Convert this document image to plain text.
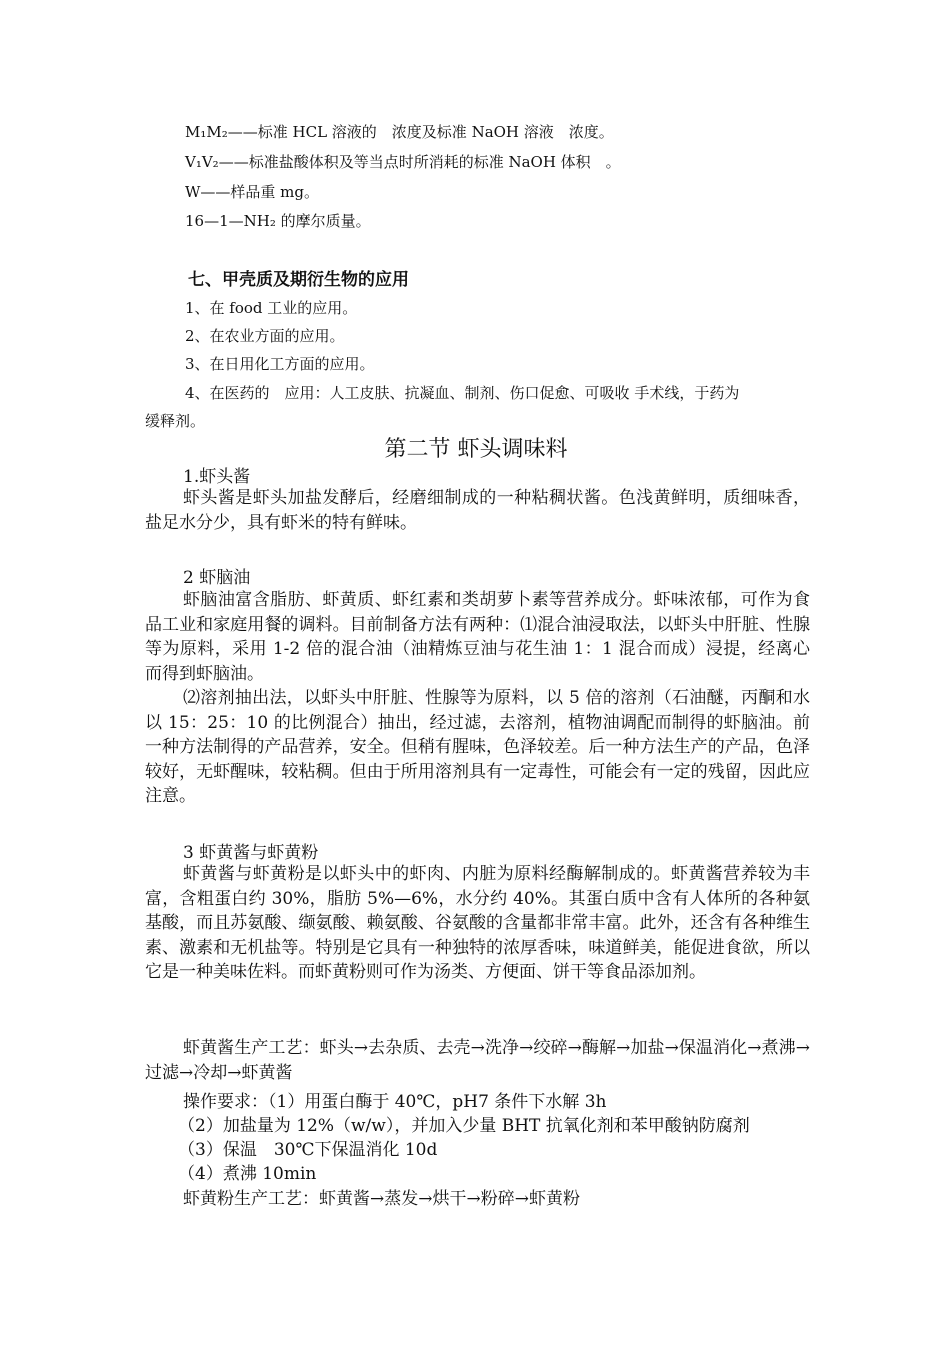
M₁M₂——标准 HCL 溶液的　浓度及标准 NaOH 溶液　浓度。
V₁V₂——标准盐酸体积及等当点时所消耗的标准 NaOH 体积　。
W——样品重 mg。
16—1—NH₂ 的摩尔质量。
七、甲壳质及期衍生物的应用
1、在 food 工业的应用。
2、在农业方面的应用。
3、在日用化工方面的应用。
4、在医药的　应用：人工皮肤、抗凝血、制剂、伤口促愈、可吸收 手术线，于药为
缓释剂。
第二节 虾头调味料
1.虾头酱
虾头酱是虾头加盐发酵后，经磨细制成的一种粘稠状酱。色浅黄鲜明，质细味香，盐足水分少，具有虾米的特有鲜味。
2 虾脑油
虾脑油富含脂肪、虾黄质、虾红素和类胡萝卜素等营养成分。虾味浓郁，可作为食品工业和家庭用餐的调料。目前制备方法有两种：⑴混合油浸取法，以虾头中肝脏、性腺等为原料，采用 1-2 倍的混合油（油精炼豆油与花生油 1：1 混合而成）浸提，经离心而得到虾脑油。
⑵溶剂抽出法，以虾头中肝脏、性腺等为原料，以 5 倍的溶剂（石油醚，丙酮和水以 15：25：10 的比例混合）抽出，经过滤，去溶剂，植物油调配而制得的虾脑油。前一种方法制得的产品营养，安全。但稍有腥味，色泽较差。后一种方法生产的产品，色泽较好，无虾醒味，较粘稠。但由于所用溶剂具有一定毒性，可能会有一定的残留，因此应注意。
3 虾黄酱与虾黄粉
虾黄酱与虾黄粉是以虾头中的虾肉、内脏为原料经酶解制成的。虾黄酱营养较为丰富，含粗蛋白约 30%，脂肪 5%—6%，水分约 40%。其蛋白质中含有人体所的各种氨基酸，而且苏氨酸、缬氨酸、赖氨酸、谷氨酸的含量都非常丰富。此外，还含有各种维生素、激素和无机盐等。特别是它具有一种独特的浓厚香味，味道鲜美，能促进食欲，所以它是一种美味佐料。而虾黄粉则可作为汤类、方便面、饼干等食品添加剂。
虾黄酱生产工艺：虾头→去杂质、去壳→洗净→绞碎→酶解→加盐→保温消化→煮沸→过滤→冷却→虾黄酱
操作要求：（1）用蛋白酶于 40℃，pH7 条件下水解 3h
（2）加盐量为 12%（w/w），并加入少量 BHT 抗氧化剂和苯甲酸钠防腐剂
（3）保温　30℃下保温消化 10d
（4）煮沸 10min
虾黄粉生产工艺：虾黄酱→蒸发→烘干→粉碎→虾黄粉
